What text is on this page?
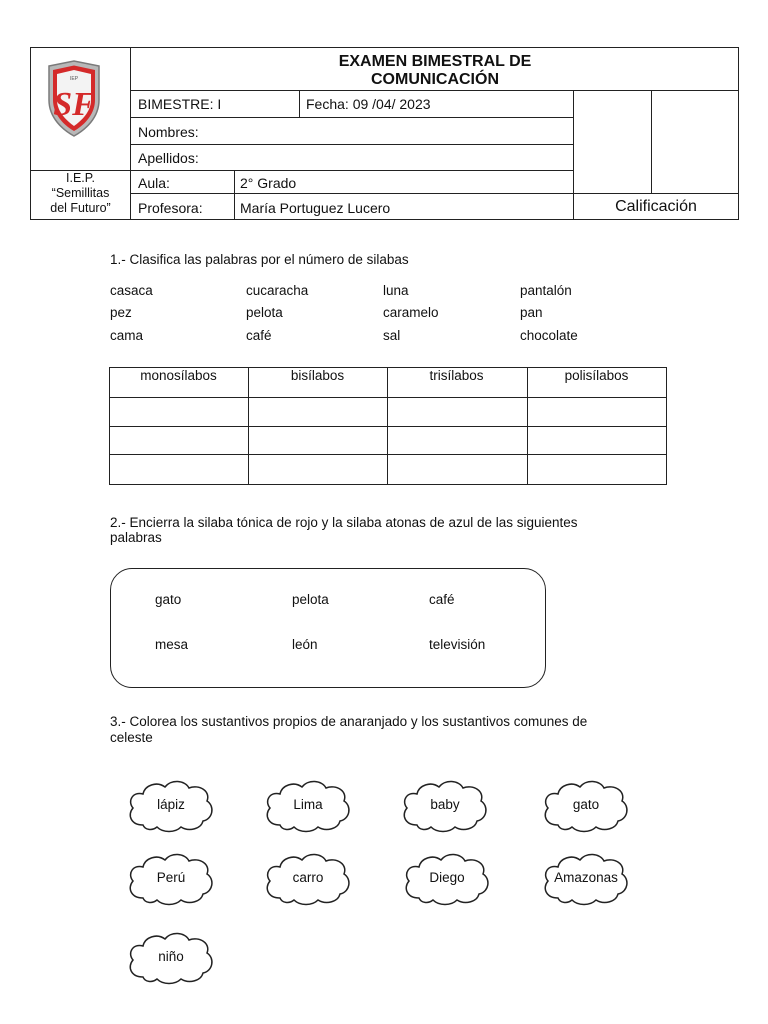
IEP
SF
I.E.P.
“Semillitas
del Futuro”
EXAMEN BIMESTRAL DE
COMUNICACIÓN
BIMESTRE: I	Fecha: 09 /04/ 2023
Nombres:
Apellidos:
Aula:	2° Grado
Profesora:	María Portuguez Lucero	Calificación
1.- Clasifica las palabras por el número de silabas
casaca	cucaracha	luna	pantalón
pez	pelota	caramelo	pan
cama	café	sal	chocolate
monosílabos	bisílabos	trisílabos	polisílabos
2.- Encierra la silaba tónica de rojo y la silaba atonas de azul de las siguientes
palabras
gato	pelota	café
mesa	león	televisión
3.- Colorea los sustantivos propios de anaranjado y los sustantivos comunes de
celeste
lápiz	Lima	baby	gato
Perú	carro	Diego	Amazonas
niño
